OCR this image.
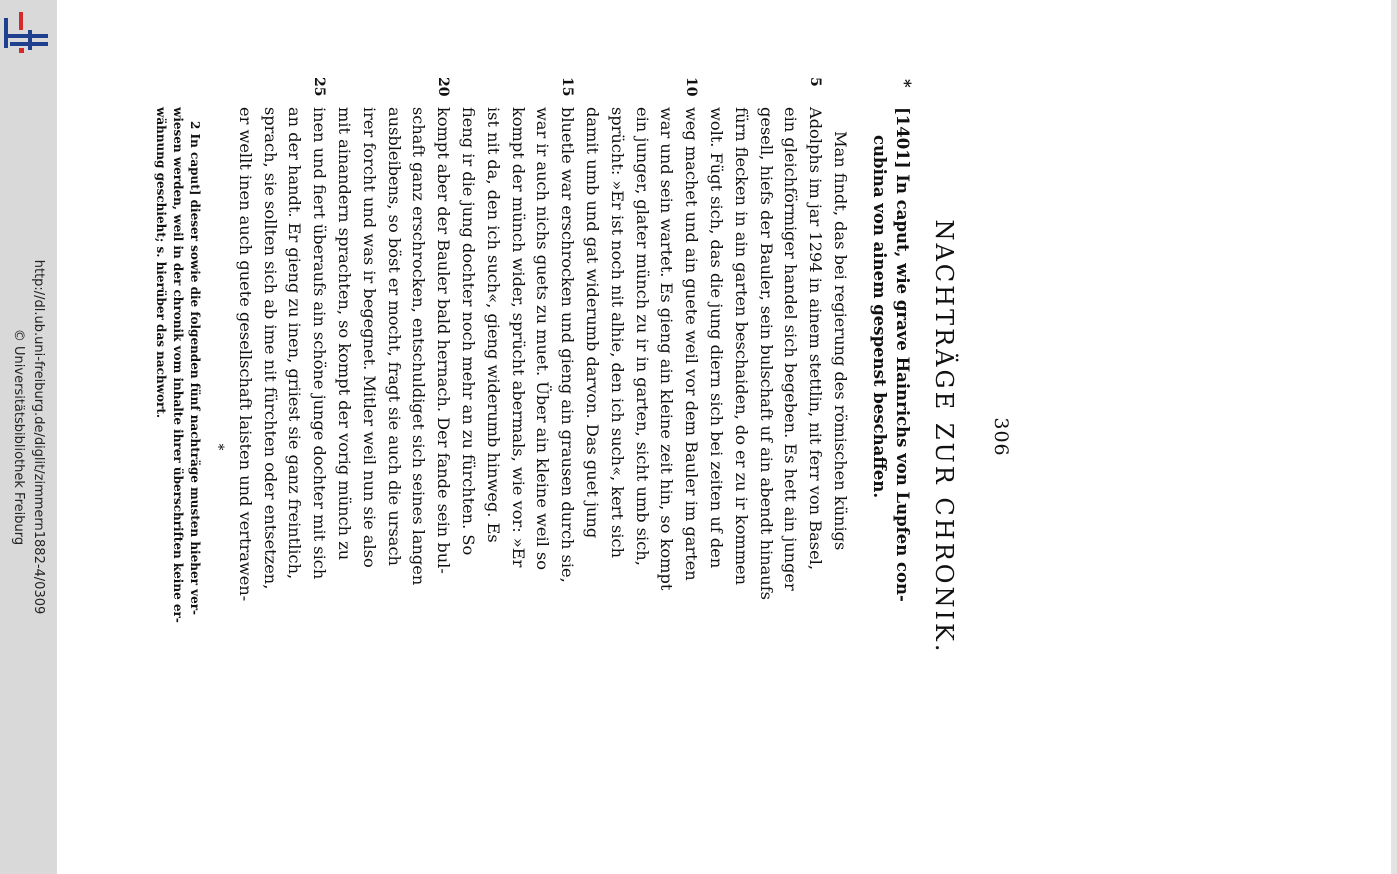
http://dl.ub.uni-freiburg.de/diglit/zimmern1882-4/0309
© Universitätsbibliothek Freiburg	306
NACHTRÄGE ZUR CHRONIK.
*
[1401] In caput, wie grave Hainrichs von Lupfen con-
cubina von ainem gespenst beschaffen.
Man findt, das bei regierung des römischen künigs
5
Adolphs im jar 1294 in ainem stettlin, nit ferr von Basel,
ein gleichförmiger handel sich begeben. Es hett ain junger
gesell, hiefs der Bauler, sein bulschaft uf ain abendt hinaufs
fürn flecken in ain garten beschaiden, do er zu ir kommen
wolt. Fügt sich, das die jung diern sich bei zeiten uf den
10
weg machet und ain guete weil vor dem Bauler im garten
war und sein wartet. Es gieng ain kleine zeit hin, so kompt
ein junger, glater münch zu ir in garten, sicht umb sich,
sprücht: »Er ist noch nit alhie, den ich such«, kert sich
damit umb und gat widerumb darvon. Das guet jung
15
bluetle war erschrocken und gieng ain grausen durch sie,
war ir auch nichs guets zu muet. Über ain kleine weil so
kompt der münch wider, sprücht abermals, wie vor: »Er
ist nit da, den ich such«, gieng widerumb hinweg. Es
fieng ir die jung dochter noch mehr an zu fürchten. So
20
kompt aber der Bauler bald hernach. Der fande sein bul-
schaft ganz erschrocken, entschuldiget sich seines langen
ausbleibens, so böst er mocht, fragt sie auch die ursach
irer forcht und was ir begegnet. Mitler weil nun sie also
mit ainandern sprachten, so kompt der vorig münch zu
25
inen und fiert überaufs ain schöne junge dochter mit sich
an der handt. Er gieng zu inen, griiest sie ganz freintlich,
sprach, sie sollten sich ab ime nit fürchten oder entsetzen,
er wellt inen auch guete gesellschaft laisten und vertrawen-
*
2 In caput] dieser sowie die folgenden fünf nachträge musten hieher ver-
wiesen werden, weil in der chronik vom inhalte ihrer überschriften keine er-
wähnung geschieht; s. hierüber das nachwort.
